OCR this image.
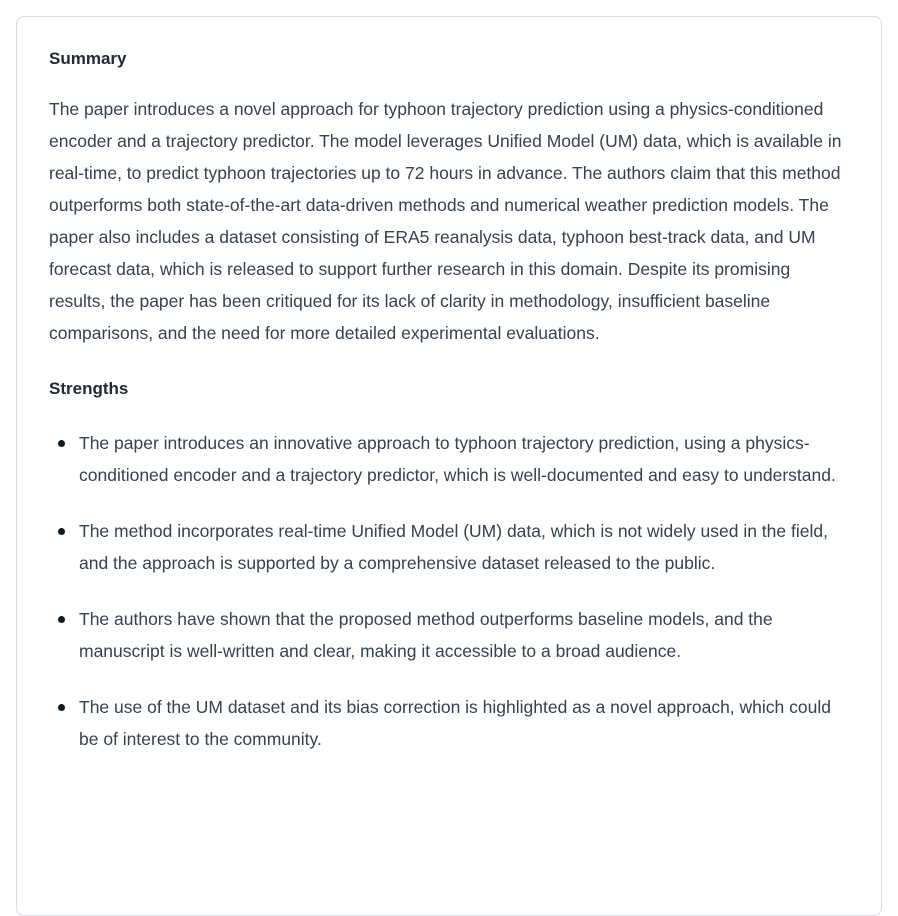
Summary

The paper introduces a novel approach for typhoon trajectory prediction using a physics-conditioned encoder and a trajectory predictor. The model leverages Unified Model (UM) data, which is available in real-time, to predict typhoon trajectories up to 72 hours in advance. The authors claim that this method outperforms both state-of-the-art data-driven methods and numerical weather prediction models. The paper also includes a dataset consisting of ERA5 reanalysis data, typhoon best-track data, and UM forecast data, which is released to support further research in this domain. Despite its promising results, the paper has been critiqued for its lack of clarity in methodology, insufficient baseline comparisons, and the need for more detailed experimental evaluations.

Strengths
The paper introduces an innovative approach to typhoon trajectory prediction, using a physics-conditioned encoder and a trajectory predictor, which is well-documented and easy to understand.
The method incorporates real-time Unified Model (UM) data, which is not widely used in the field, and the approach is supported by a comprehensive dataset released to the public.
The authors have shown that the proposed method outperforms baseline models, and the manuscript is well-written and clear, making it accessible to a broad audience.
The use of the UM dataset and its bias correction is highlighted as a novel approach, which could be of interest to the community.
